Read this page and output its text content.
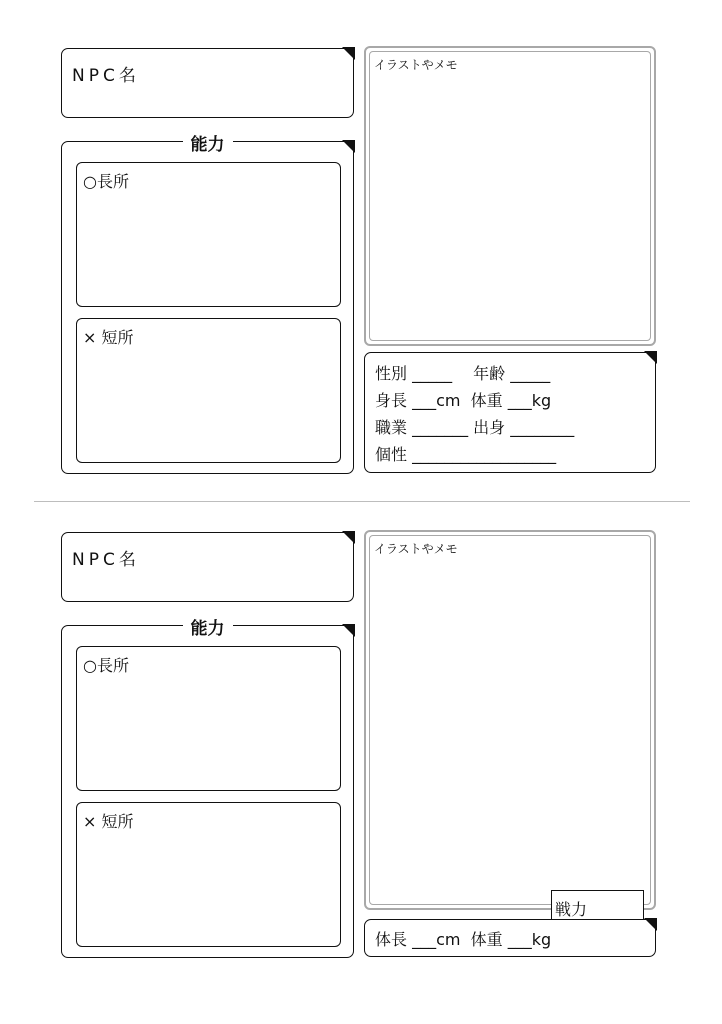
NPC名
能力
○長所
× 短所
イラストやメモ
性別 _____　 年齢 _____
身長 ___cm  体重 ___kg
職業 _______ 出身 ________
個性 __________________
NPC名
能力
○長所
× 短所
イラストやメモ
戦力
体長 ___cm  体重 ___kg
